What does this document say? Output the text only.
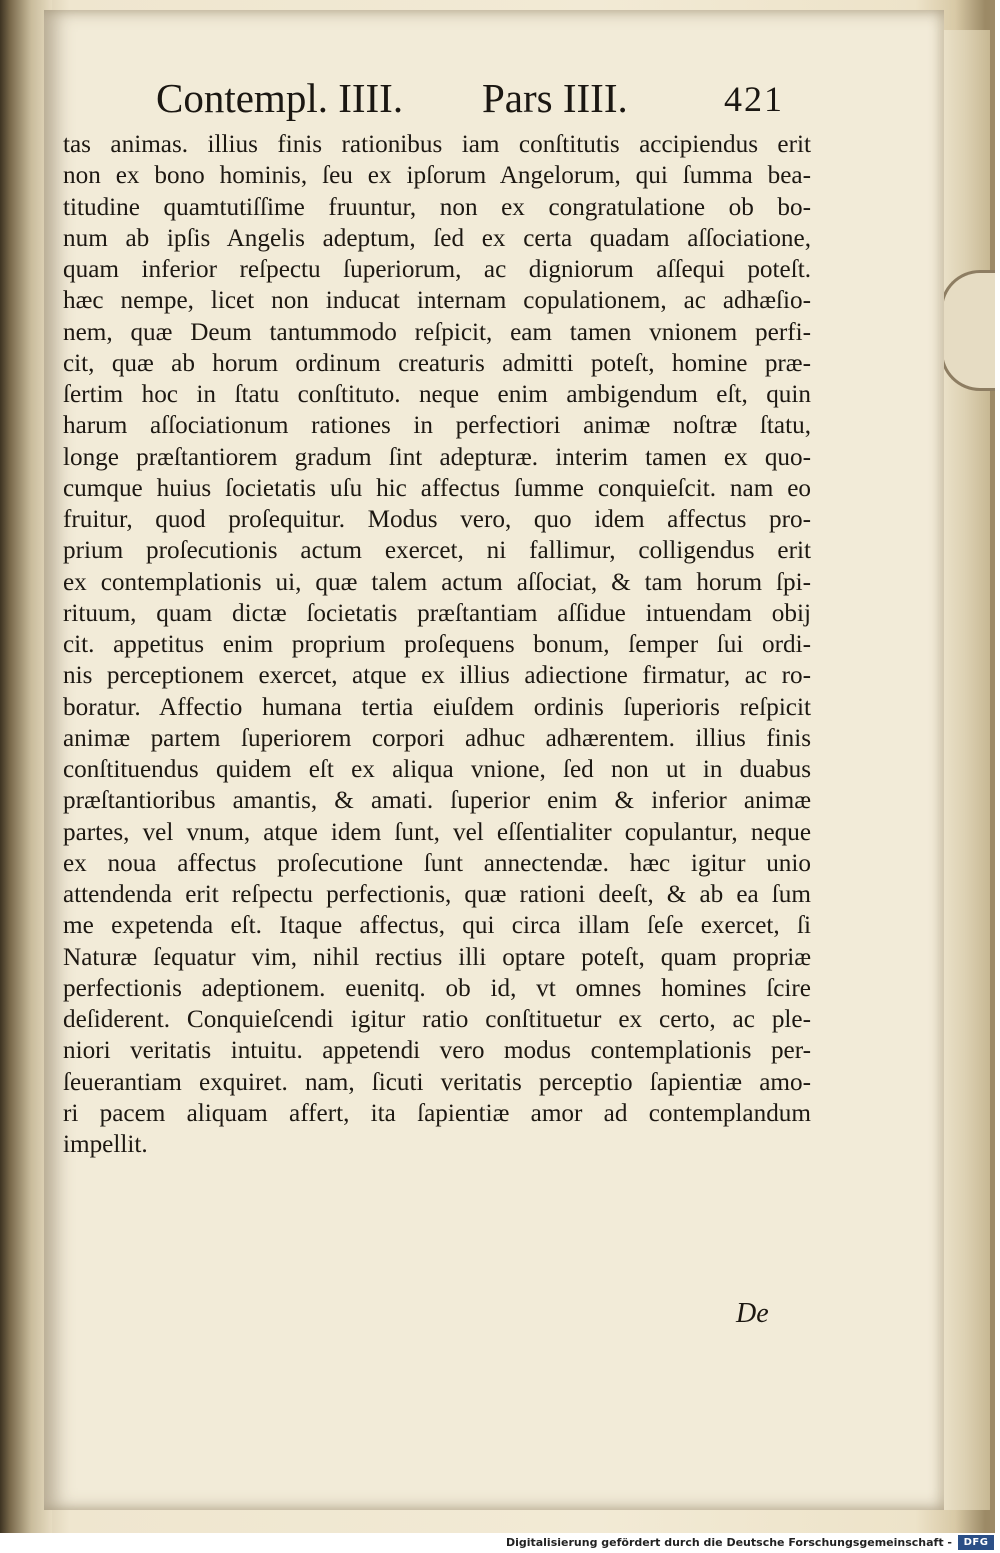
Contempl. IIII. Pars IIII.	421
tas animas. illius finis rationibus iam conſtitutis accipiendus erit
non ex bono hominis, ſeu ex ipſorum Angelorum, qui ſumma bea-
titudine quamtutiſſime fruuntur, non ex congratulatione ob bo-
num ab ipſis Angelis adeptum, ſed ex certa quadam aſſociatione,
quam inferior reſpectu ſuperiorum, ac digniorum aſſequi poteſt.
hæc nempe, licet non inducat internam copulationem, ac adhæſio-
nem, quæ Deum tantummodo reſpicit, eam tamen vnionem perfi-
cit, quæ ab horum ordinum creaturis admitti poteſt, homine præ-
ſertim hoc in ſtatu conſtituto. neque enim ambigendum eſt, quin
harum aſſociationum rationes in perfectiori animæ noſtræ ſtatu,
longe præſtantiorem gradum ſint adepturæ. interim tamen ex quo-
cumque huius ſocietatis uſu hic affectus ſumme conquieſcit. nam eo
fruitur, quod proſequitur. Modus vero, quo idem affectus pro-
prium proſecutionis actum exercet, ni fallimur, colligendus erit
ex contemplationis ui, quæ talem actum aſſociat, & tam horum ſpi-
rituum, quam dictæ ſocietatis præſtantiam aſſidue intuendam obij
cit. appetitus enim proprium proſequens bonum, ſemper ſui ordi-
nis perceptionem exercet, atque ex illius adiectione firmatur, ac ro-
boratur. Affectio humana tertia eiuſdem ordinis ſuperioris reſpicit
animæ partem ſuperiorem corpori adhuc adhærentem. illius finis
conſtituendus quidem eſt ex aliqua vnione, ſed non ut in duabus
præſtantioribus amantis, & amati. ſuperior enim & inferior animæ
partes, vel vnum, atque idem ſunt, vel eſſentialiter copulantur, neque
ex noua affectus proſecutione ſunt annectendæ. hæc igitur unio
attendenda erit reſpectu perfectionis, quæ rationi deeſt, & ab ea ſum
me expetenda eſt. Itaque affectus, qui circa illam ſeſe exercet, ſi
Naturæ ſequatur vim, nihil rectius illi optare poteſt, quam propriæ
perfectionis adeptionem. euenitq. ob id, vt omnes homines ſcire
deſiderent. Conquieſcendi igitur ratio conſtituetur ex certo, ac ple-
niori veritatis intuitu. appetendi vero modus contemplationis per-
ſeuerantiam exquiret. nam, ſicuti veritatis perceptio ſapientiæ amo-
ri pacem aliquam affert, ita ſapientiæ amor ad contemplandum
impellit.
De
Digitalisierung gefördert durch die Deutsche Forschungsgemeinschaft -	DFG
